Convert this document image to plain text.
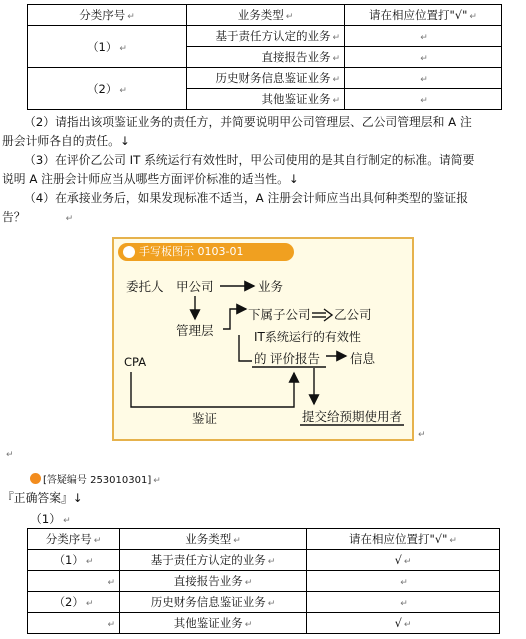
分类序号 ↵	业务类型 ↵	请在相应位置打"√" ↵
（1） ↵	基于责任方认定的业务 ↵	↵
	直接报告业务 ↵	↵
（2） ↵	历史财务信息鉴证业务 ↵	↵
	其他鉴证业务 ↵	↵
（2）请指出该项鉴证业务的责任方，并简要说明甲公司管理层、乙公司管理层和 A 注
册会计师各自的责任。↓
（3）在评价乙公司 IT 系统运行有效性时，甲公司使用的是其自行制定的标准。请简要
说明 A 注册会计师应当从哪些方面评价标准的适当性。↓
（4）在承接业务后，如果发现标准不适当，A 注册会计师应当出具何种类型的鉴证报
告？	↵
手写板图示 0103-01
委托人 甲公司	业务
管理层
下属子公司 乙公司
IT系统运行的有效性
的 评价报告 信息
CPA
鉴证	提交给预期使用者
↵
↵
[答疑编号 253010301] ↵
『正确答案』↓
（1） ↵
分类序号 ↵	业务类型 ↵	请在相应位置打"√" ↵
（1） ↵	基于责任方认定的业务 ↵	√ ↵
↵	直接报告业务 ↵	↵
（2） ↵	历史财务信息鉴证业务 ↵	↵
↵	其他鉴证业务 ↵	√ ↵
